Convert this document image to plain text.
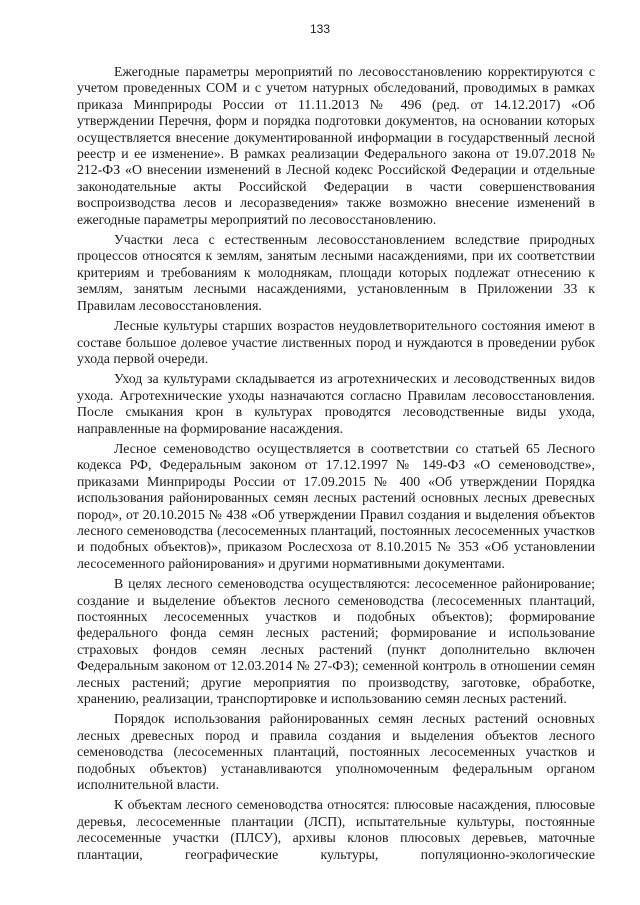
133

Ежегодные параметры мероприятий по лесовосстановлению корректируются с учетом проведенных СОМ и с учетом натурных обследований, проводимых в рамках приказа Минприроды России от 11.11.2013 № 496 (ред. от 14.12.2017) «Об утверждении Перечня, форм и порядка подготовки документов, на основании которых осуществляется внесение документированной информации в государственный лесной реестр и ее изменение». В рамках реализации Федерального закона от 19.07.2018 № 212-ФЗ «О внесении изменений в Лесной кодекс Российской Федерации и отдельные законодательные акты Российской Федерации в части совершенствования воспроизводства лесов и лесоразведения» также возможно внесение изменений в ежегодные параметры мероприятий по лесовосстановлению.

Участки леса с естественным лесовосстановлением вследствие природных процессов относятся к землям, занятым лесными насаждениями, при их соответствии критериям и требованиям к молоднякам, площади которых подлежат отнесению к землям, занятым лесными насаждениями, установленным в Приложении 33 к Правилам лесовосстановления.

Лесные культуры старших возрастов неудовлетворительного состояния имеют в составе большое долевое участие лиственных пород и нуждаются в проведении рубок ухода первой очереди.

Уход за культурами складывается из агротехнических и лесоводственных видов ухода. Агротехнические уходы назначаются согласно Правилам лесовосстановления. После смыкания крон в культурах проводятся лесоводственные виды ухода, направленные на формирование насаждения.

Лесное семеноводство осуществляется в соответствии со статьей 65 Лесного кодекса РФ, Федеральным законом от 17.12.1997 № 149-ФЗ «О семеноводстве», приказами Минприроды России от 17.09.2015 № 400 «Об утверждении Порядка использования районированных семян лесных растений основных лесных древесных пород», от 20.10.2015 № 438 «Об утверждении Правил создания и выделения объектов лесного семеноводства (лесосеменных плантаций, постоянных лесосеменных участков и подобных объектов)», приказом Рослесхоза от 8.10.2015 № 353 «Об установлении лесосеменного районирования» и другими нормативными документами.

В целях лесного семеноводства осуществляются: лесосеменное районирование; создание и выделение объектов лесного семеноводства (лесосеменных плантаций, постоянных лесосеменных участков и подобных объектов); формирование федерального фонда семян лесных растений; формирование и использование страховых фондов семян лесных растений (пункт дополнительно включен Федеральным законом от 12.03.2014 № 27-ФЗ); семенной контроль в отношении семян лесных растений; другие мероприятия по производству, заготовке, обработке, хранению, реализации, транспортировке и использованию семян лесных растений.

Порядок использования районированных семян лесных растений основных лесных древесных пород и правила создания и выделения объектов лесного семеноводства (лесосеменных плантаций, постоянных лесосеменных участков и подобных объектов) устанавливаются уполномоченным федеральным органом исполнительной власти.

К объектам лесного семеноводства относятся: плюсовые насаждения, плюсовые деревья, лесосеменные плантации (ЛСП), испытательные культуры, постоянные лесосеменные участки (ПЛСУ), архивы клонов плюсовых деревьев, маточные плантации, географические культуры, популяционно-экологические
